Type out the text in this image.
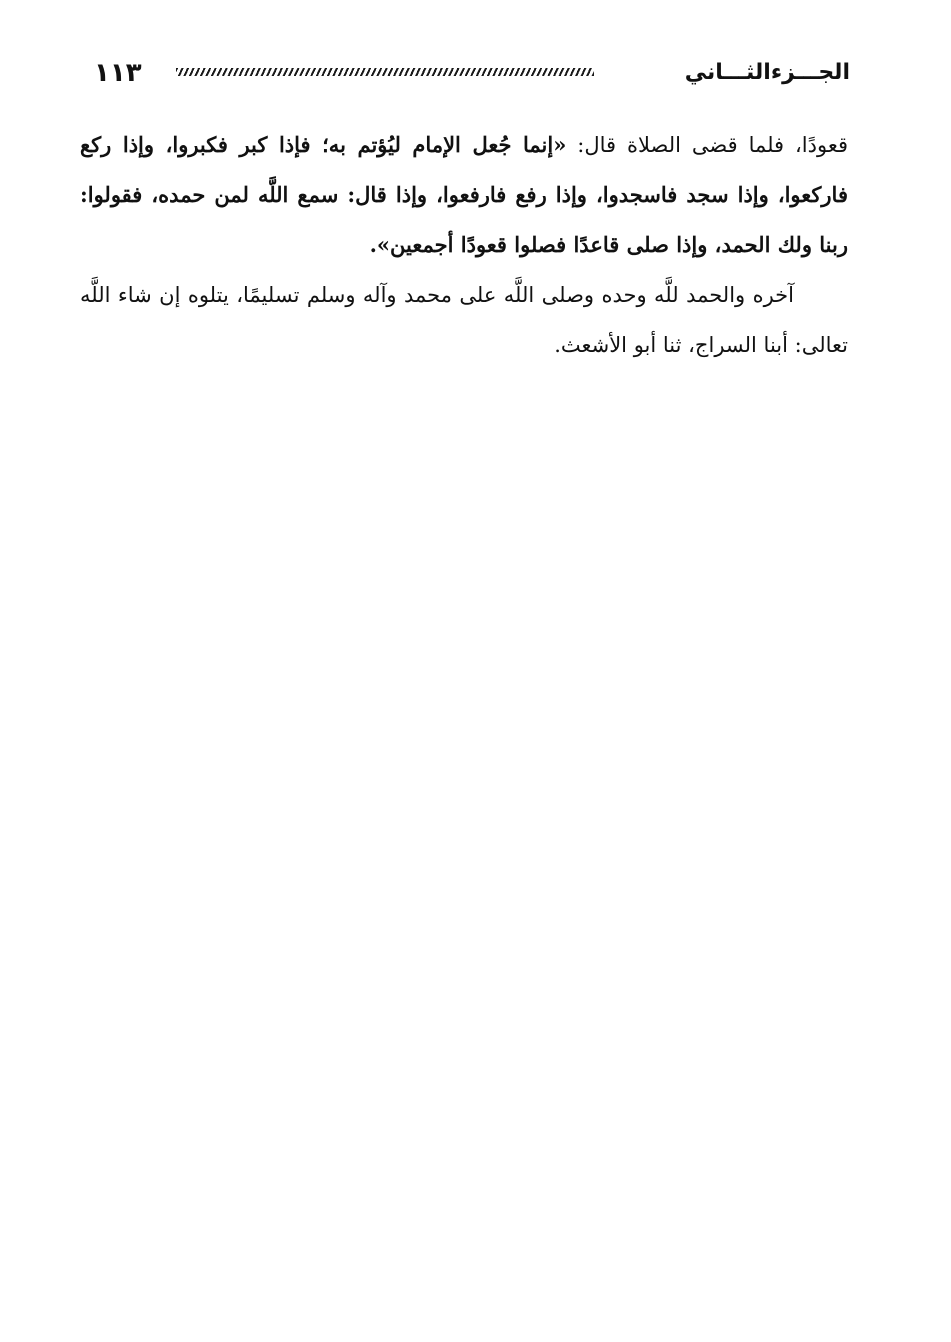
١١٣	الجـــزءالثـــاني

قعودًا، فلما قضى الصلاة قال: «إنما جُعل الإمام ليُؤتم به؛ فإذا كبر فكبروا، وإذا ركع فاركعوا، وإذا سجد فاسجدوا، وإذا رفع فارفعوا، وإذا قال: سمع اللَّه لمن حمده، فقولوا: ربنا ولك الحمد، وإذا صلى قاعدًا فصلوا قعودًا أجمعين».

آخره والحمد للَّه وحده وصلى اللَّه على محمد وآله وسلم تسليمًا، يتلوه إن شاء اللَّه تعالى: أبنا السراج، ثنا أبو الأشعث.
